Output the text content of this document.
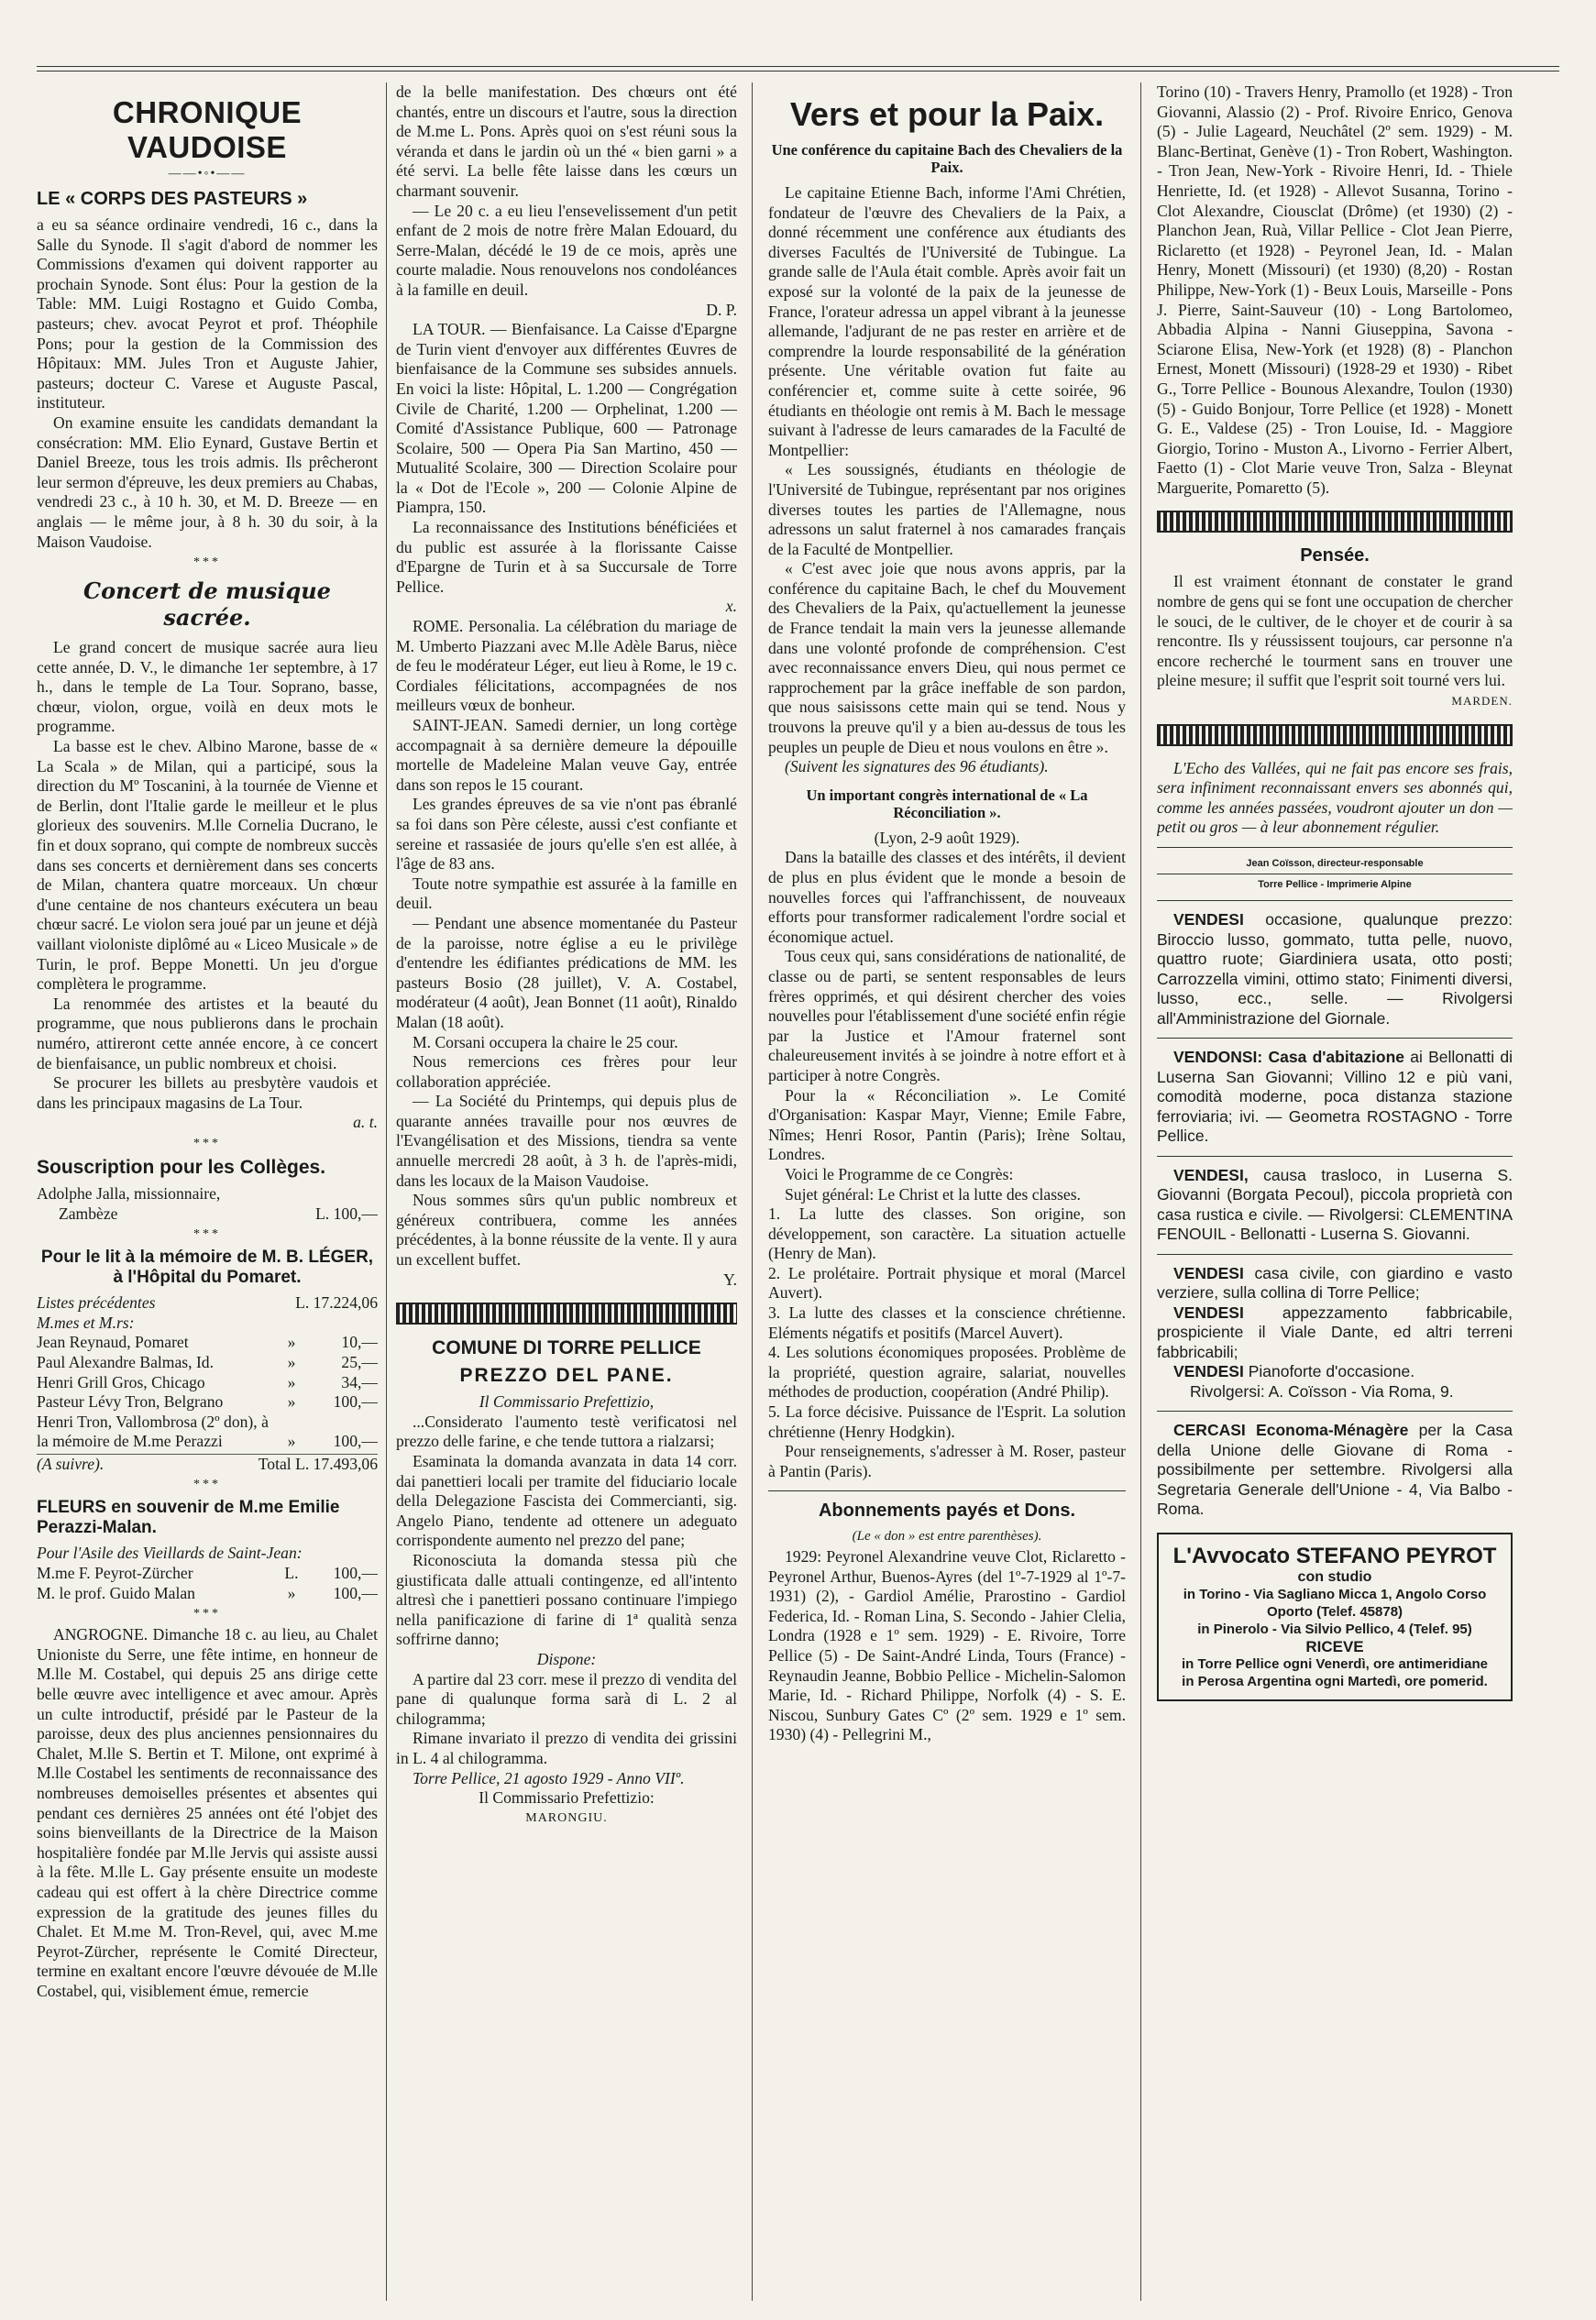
CHRONIQUE VAUDOISE
——•◦•——
LE « CORPS DES PASTEURS »

a eu sa séance ordinaire vendredi, 16 c., dans la Salle du Synode. Il s'agit d'abord de nommer les Commissions d'examen qui doivent rapporter au prochain Synode. Sont élus: Pour la gestion de la Table: MM. Luigi Rostagno et Guido Comba, pasteurs; chev. avocat Peyrot et prof. Théophile Pons; pour la gestion de la Commission des Hôpitaux: MM. Jules Tron et Auguste Jahier, pasteurs; docteur C. Varese et Auguste Pascal, instituteur.

On examine ensuite les candidats demandant la consécration: MM. Elio Eynard, Gustave Bertin et Daniel Breeze, tous les trois admis. Ils prêcheront leur sermon d'épreuve, les deux premiers au Chabas, vendredi 23 c., à 10 h. 30, et M. D. Breeze — en anglais — le même jour, à 8 h. 30 du soir, à la Maison Vaudoise.

***
Concert de musique sacrée.

Le grand concert de musique sacrée aura lieu cette année, D. V., le dimanche 1er septembre, à 17 h., dans le temple de La Tour. Soprano, basse, chœur, violon, orgue, voilà en deux mots le programme.

La basse est le chev. Albino Marone, basse de « La Scala » de Milan, qui a participé, sous la direction du Mº Toscanini, à la tournée de Vienne et de Berlin, dont l'Italie garde le meilleur et le plus glorieux des souvenirs. M.lle Cornelia Ducrano, le fin et doux soprano, qui compte de nombreux succès dans ses concerts et dernièrement dans ses concerts de Milan, chantera quatre morceaux. Un chœur d'une centaine de nos chanteurs exécutera un beau chœur sacré. Le violon sera joué par un jeune et déjà vaillant violoniste diplômé au « Liceo Musicale » de Turin, le prof. Beppe Monetti. Un jeu d'orgue complètera le programme.

La renommée des artistes et la beauté du programme, que nous publierons dans le prochain numéro, attireront cette année encore, à ce concert de bienfaisance, un public nombreux et choisi.

Se procurer les billets au presbytère vaudois et dans les principaux magasins de La Tour.

a. t.

***
Souscription pour les Collèges.

Adolphe Jalla, missionnaire,

Zambèze	L. 100,—
***
Pour le lit à la mémoire de M. B. LÉGER, à l'Hôpital du Pomaret.
Listes précédentes	L. 17.224,06

M.mes et M.rs:

Jean Reynaud, Pomaret	»	10,—
Paul Alexandre Balmas, Id.	»	25,—
Henri Grill Gros, Chicago	»	34,—
Pasteur Lévy Tron, Belgrano	»	100,—
Henri Tron, Vallombrosa (2º don), à la mémoire de M.me Perazzi	»	100,—
(A suivre).	Total L. 17.493,06
***
FLEURS en souvenir de M.me Emilie Perazzi-Malan.

Pour l'Asile des Vieillards de Saint-Jean:

M.me F. Peyrot-Zürcher	L.	100,—
M. le prof. Guido Malan	»	100,—
***

ANGROGNE. Dimanche 18 c. au lieu, au Chalet Unioniste du Serre, une fête intime, en honneur de M.lle M. Costabel, qui depuis 25 ans dirige cette belle œuvre avec intelligence et avec amour. Après un culte introductif, présidé par le Pasteur de la paroisse, deux des plus anciennes pensionnaires du Chalet, M.lle S. Bertin et T. Milone, ont exprimé à M.lle Costabel les sentiments de reconnaissance des nombreuses demoiselles présentes et absentes qui pendant ces dernières 25 années ont été l'objet des soins bienveillants de la Directrice de la Maison hospitalière fondée par M.lle Jervis qui assiste aussi à la fête. M.lle L. Gay présente ensuite un modeste cadeau qui est offert à la chère Directrice comme expression de la gratitude des jeunes filles du Chalet. Et M.me M. Tron-Revel, qui, avec M.me Peyrot-Zürcher, représente le Comité Directeur, termine en exaltant encore l'œuvre dévouée de M.lle Costabel, qui, visiblement émue, remercie

de la belle manifestation. Des chœurs ont été chantés, entre un discours et l'autre, sous la direction de M.me L. Pons. Après quoi on s'est réuni sous la véranda et dans le jardin où un thé « bien garni » a été servi. La belle fête laisse dans les cœurs un charmant souvenir.

— Le 20 c. a eu lieu l'ensevelissement d'un petit enfant de 2 mois de notre frère Malan Edouard, du Serre-Malan, décédé le 19 de ce mois, après une courte maladie. Nous renouvelons nos condoléances à la famille en deuil.

D. P.

LA TOUR. — Bienfaisance. La Caisse d'Epargne de Turin vient d'envoyer aux différentes Œuvres de bienfaisance de la Commune ses subsides annuels. En voici la liste: Hôpital, L. 1.200 — Congrégation Civile de Charité, 1.200 — Orphelinat, 1.200 — Comité d'Assistance Publique, 600 — Patronage Scolaire, 500 — Opera Pia San Martino, 450 — Mutualité Scolaire, 300 — Direction Scolaire pour la « Dot de l'Ecole », 200 — Colonie Alpine de Piampra, 150.

La reconnaissance des Institutions bénéficiées et du public est assurée à la florissante Caisse d'Epargne de Turin et à sa Succursale de Torre Pellice.

x.

ROME. Personalia. La célébration du mariage de M. Umberto Piazzani avec M.lle Adèle Barus, nièce de feu le modérateur Léger, eut lieu à Rome, le 19 c. Cordiales félicitations, accompagnées de nos meilleurs vœux de bonheur.

SAINT-JEAN. Samedi dernier, un long cortège accompagnait à sa dernière demeure la dépouille mortelle de Madeleine Malan veuve Gay, entrée dans son repos le 15 courant.

Les grandes épreuves de sa vie n'ont pas ébranlé sa foi dans son Père céleste, aussi c'est confiante et sereine et rassasiée de jours qu'elle s'en est allée, à l'âge de 83 ans.

Toute notre sympathie est assurée à la famille en deuil.

— Pendant une absence momentanée du Pasteur de la paroisse, notre église a eu le privilège d'entendre les édifiantes prédications de MM. les pasteurs Bosio (28 juillet), V. A. Costabel, modérateur (4 août), Jean Bonnet (11 août), Rinaldo Malan (18 août).

M. Corsani occupera la chaire le 25 cour.

Nous remercions ces frères pour leur collaboration appréciée.

— La Société du Printemps, qui depuis plus de quarante années travaille pour nos œuvres de l'Evangélisation et des Missions, tiendra sa vente annuelle mercredi 28 août, à 3 h. de l'après-midi, dans les locaux de la Maison Vaudoise.

Nous sommes sûrs qu'un public nombreux et généreux contribuera, comme les années précédentes, à la bonne réussite de la vente. Il y aura un excellent buffet.

Y.

COMUNE DI TORRE PELLICE
PREZZO DEL PANE.

Il Commissario Prefettizio,

...Considerato l'aumento testè verificatosi nel prezzo delle farine, e che tende tuttora a rialzarsi;

Esaminata la domanda avanzata in data 14 corr. dai panettieri locali per tramite del fiduciario locale della Delegazione Fascista dei Commercianti, sig. Angelo Piano, tendente ad ottenere un adeguato corrispondente aumento nel prezzo del pane;

Riconosciuta la domanda stessa più che giustificata dalle attuali contingenze, ed all'intento altresì che i panettieri possano continuare l'impiego nella panificazione di farine di 1ª qualità senza soffrirne danno;

Dispone:

A partire dal 23 corr. mese il prezzo di vendita del pane di qualunque forma sarà di L. 2 al chilogramma;

Rimane invariato il prezzo di vendita dei grissini in L. 4 al chilogramma.

Torre Pellice, 21 agosto 1929 - Anno VIIº.

Il Commissario Prefettizio:

MARONGIU.

Vers et pour la Paix.
Une conférence du capitaine Bach des Chevaliers de la Paix.

Le capitaine Etienne Bach, informe l'Ami Chrétien, fondateur de l'œuvre des Chevaliers de la Paix, a donné récemment une conférence aux étudiants des diverses Facultés de l'Université de Tubingue. La grande salle de l'Aula était comble. Après avoir fait un exposé sur la volonté de la paix de la jeunesse de France, l'orateur adressa un appel vibrant à la jeunesse allemande, l'adjurant de ne pas rester en arrière et de comprendre la lourde responsabilité de la génération présente. Une véritable ovation fut faite au conférencier et, comme suite à cette soirée, 96 étudiants en théologie ont remis à M. Bach le message suivant à l'adresse de leurs camarades de la Faculté de Montpellier:

« Les soussignés, étudiants en théologie de l'Université de Tubingue, représentant par nos origines diverses toutes les parties de l'Allemagne, nous adressons un salut fraternel à nos camarades français de la Faculté de Montpellier.

« C'est avec joie que nous avons appris, par la conférence du capitaine Bach, le chef du Mouvement des Chevaliers de la Paix, qu'actuellement la jeunesse de France tendait la main vers la jeunesse allemande dans une volonté profonde de compréhension. C'est avec reconnaissance envers Dieu, qui nous permet ce rapprochement par la grâce ineffable de son pardon, que nous saisissons cette main qui se tend. Nous y trouvons la preuve qu'il y a bien au-dessus de tous les peuples un peuple de Dieu et nous voulons en être ».

(Suivent les signatures des 96 étudiants).

Un important congrès international de « La Réconciliation ».

(Lyon, 2-9 août 1929).

Dans la bataille des classes et des intérêts, il devient de plus en plus évident que le monde a besoin de nouvelles forces qui l'affranchissent, de nouveaux efforts pour transformer radicalement l'ordre social et économique actuel.

Tous ceux qui, sans considérations de nationalité, de classe ou de parti, se sentent responsables de leurs frères opprimés, et qui désirent chercher des voies nouvelles pour l'établissement d'une société enfin régie par la Justice et l'Amour fraternel sont chaleureusement invités à se joindre à notre effort et à participer à notre Congrès.

Pour la « Réconciliation ». Le Comité d'Organisation: Kaspar Mayr, Vienne; Emile Fabre, Nîmes; Henri Rosor, Pantin (Paris); Irène Soltau, Londres.

Voici le Programme de ce Congrès:

Sujet général: Le Christ et la lutte des classes.

1. La lutte des classes. Son origine, son développement, son caractère. La situation actuelle (Henry de Man).

2. Le prolétaire. Portrait physique et moral (Marcel Auvert).

3. La lutte des classes et la conscience chrétienne. Eléments négatifs et positifs (Marcel Auvert).

4. Les solutions économiques proposées. Problème de la propriété, question agraire, salariat, nouvelles méthodes de production, coopération (André Philip).

5. La force décisive. Puissance de l'Esprit. La solution chrétienne (Henry Hodgkin).

Pour renseignements, s'adresser à M. Roser, pasteur à Pantin (Paris).

Abonnements payés et Dons.

(Le « don » est entre parenthèses).

1929: Peyronel Alexandrine veuve Clot, Riclaretto - Peyronel Arthur, Buenos-Ayres (del 1º-7-1929 al 1º-7-1931) (2), - Gardiol Amélie, Prarostino - Gardiol Federica, Id. - Roman Lina, S. Secondo - Jahier Clelia, Londra (1928 e 1º sem. 1929) - E. Rivoire, Torre Pellice (5) - De Saint-André Linda, Tours (France) - Reynaudin Jeanne, Bobbio Pellice - Michelin-Salomon Marie, Id. - Richard Philippe, Norfolk (4) - S. E. Niscou, Sunbury Gates Cº (2º sem. 1929 e 1º sem. 1930) (4) - Pellegrini M.,

Torino (10) - Travers Henry, Pramollo (et 1928) - Tron Giovanni, Alassio (2) - Prof. Rivoire Enrico, Genova (5) - Julie Lageard, Neuchâtel (2º sem. 1929) - M. Blanc-Bertinat, Genève (1) - Tron Robert, Washington. - Tron Jean, New-York - Rivoire Henri, Id. - Thiele Henriette, Id. (et 1928) - Allevot Susanna, Torino - Clot Alexandre, Ciousclat (Drôme) (et 1930) (2) - Planchon Jean, Ruà, Villar Pellice - Clot Jean Pierre, Riclaretto (et 1928) - Peyronel Jean, Id. - Malan Henry, Monett (Missouri) (et 1930) (8,20) - Rostan Philippe, New-York (1) - Beux Louis, Marseille - Pons J. Pierre, Saint-Sauveur (10) - Long Bartolomeo, Abbadia Alpina - Nanni Giuseppina, Savona - Sciarone Elisa, New-York (et 1928) (8) - Planchon Ernest, Monett (Missouri) (1928-29 et 1930) - Ribet G., Torre Pellice - Bounous Alexandre, Toulon (1930) (5) - Guido Bonjour, Torre Pellice (et 1928) - Monett G. E., Valdese (25) - Tron Louise, Id. - Maggiore Giorgio, Torino - Muston A., Livorno - Ferrier Albert, Faetto (1) - Clot Marie veuve Tron, Salza - Bleynat Marguerite, Pomaretto (5).

Pensée.

Il est vraiment étonnant de constater le grand nombre de gens qui se font une occupation de chercher le souci, de le cultiver, de le choyer et de courir à sa rencontre. Ils y réussissent toujours, car personne n'a encore recherché le tourment sans en trouver une pleine mesure; il suffit que l'esprit soit tourné vers lui.

MARDEN.

L'Echo des Vallées, qui ne fait pas encore ses frais, sera infiniment reconnaissant envers ses abonnés qui, comme les années passées, voudront ajouter un don — petit ou gros — à leur abonnement régulier.

Jean Coïsson, directeur-responsable
Torre Pellice - Imprimerie Alpine

VENDESI occasione, qualunque prezzo: Biroccio lusso, gommato, tutta pelle, nuovo, quattro ruote; Giardiniera usata, otto posti; Carrozzella vimini, ottimo stato; Finimenti diversi, lusso, ecc., selle. — Rivolgersi all'Amministrazione del Giornale.

VENDONSI: Casa d'abitazione ai Bellonatti di Luserna San Giovanni; Villino 12 e più vani, comodità moderne, poca distanza stazione ferroviaria; ivi. — Geometra ROSTAGNO - Torre Pellice.

VENDESI, causa trasloco, in Luserna S. Giovanni (Borgata Pecoul), piccola proprietà con casa rustica e civile. — Rivolgersi: CLEMENTINA FENOUIL - Bellonatti - Luserna S. Giovanni.

VENDESI casa civile, con giardino e vasto verziere, sulla collina di Torre Pellice;

VENDESI appezzamento fabbricabile, prospiciente il Viale Dante, ed altri terreni fabbricabili;

VENDESI Pianoforte d'occasione.

Rivolgersi: A. Coïsson - Via Roma, 9.

CERCASI Economa-Ménagère per la Casa della Unione delle Giovane di Roma - possibilmente per settembre. Rivolgersi alla Segretaria Generale dell'Unione - 4, Via Balbo - Roma.

L'Avvocato STEFANO PEYROT
con studio
in Torino - Via Sagliano Micca 1, Angolo Corso Oporto (Telef. 45878)
in Pinerolo - Via Silvio Pellico, 4 (Telef. 95)
RICEVE
in Torre Pellice ogni Venerdì, ore antimeridiane
in Perosa Argentina ogni Martedì, ore pomerid.
